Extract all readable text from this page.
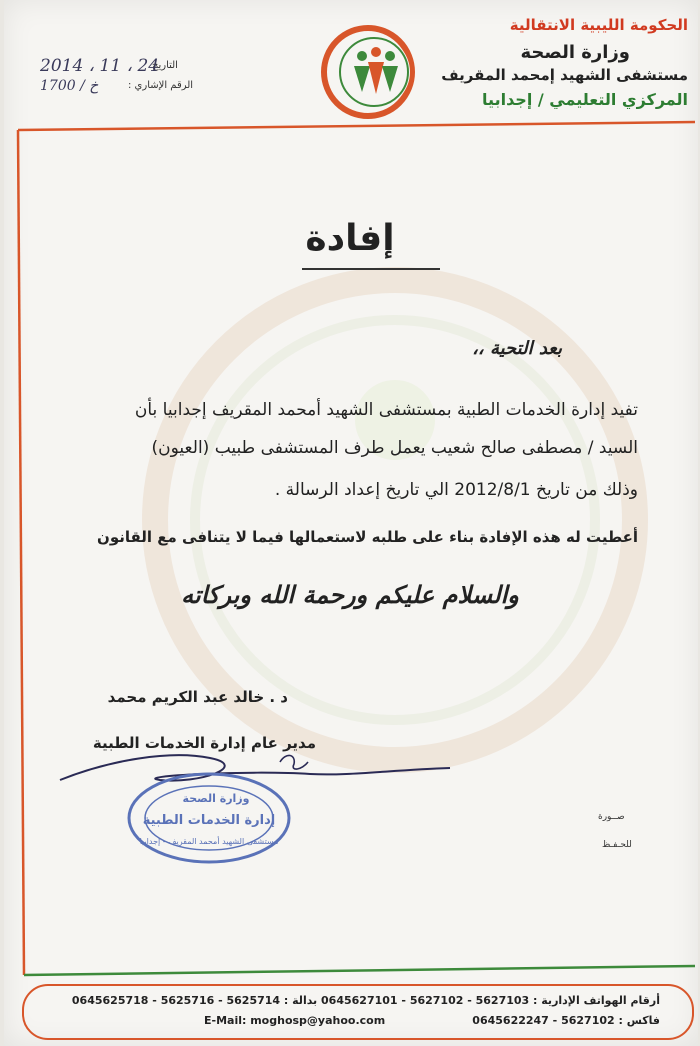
الحكومة الليبية الانتقالية
وزارة الصحة
مستشفى الشهيد إمحمد المقريف
المركزي التعليمي / إجدابيا
التاريخ
2014 ، 11 ، 24
الرقم الإشاري :
خ / 1700
إفادة
بعد التحية ،،
تفيد إدارة الخدمات الطبية بمستشفى الشهيد أمحمد المقريف إجدابيا بأن
السيد / مصطفى صالح شعيب يعمل طرف المستشفى طبيب (العيون)
وذلك من تاريخ 2012/8/1 الي تاريخ إعداد الرسالة .
أعطيت له هذه الإفادة بناء على طلبه لاستعمالها فيما لا يتنافى مع القانون
والسلام عليكم ورحمة الله وبركاته
د . خالد عبد الكريم محمد
مدير عام إدارة الخدمات الطبية
وزارة الصحة
إدارة الخدمات الطبية
مستشفى الشهيد أمحمد المقريف - إجدابيا
صــورة
للحـفـظ
أرقام الهواتف الإدارية : 5627103 - 5627102 - 0645627101 بدالة : 5625714 - 5625716 - 0645625718
فاكس : 5627102 - 0645622247
E-Mail: moghosp@yahoo.com
